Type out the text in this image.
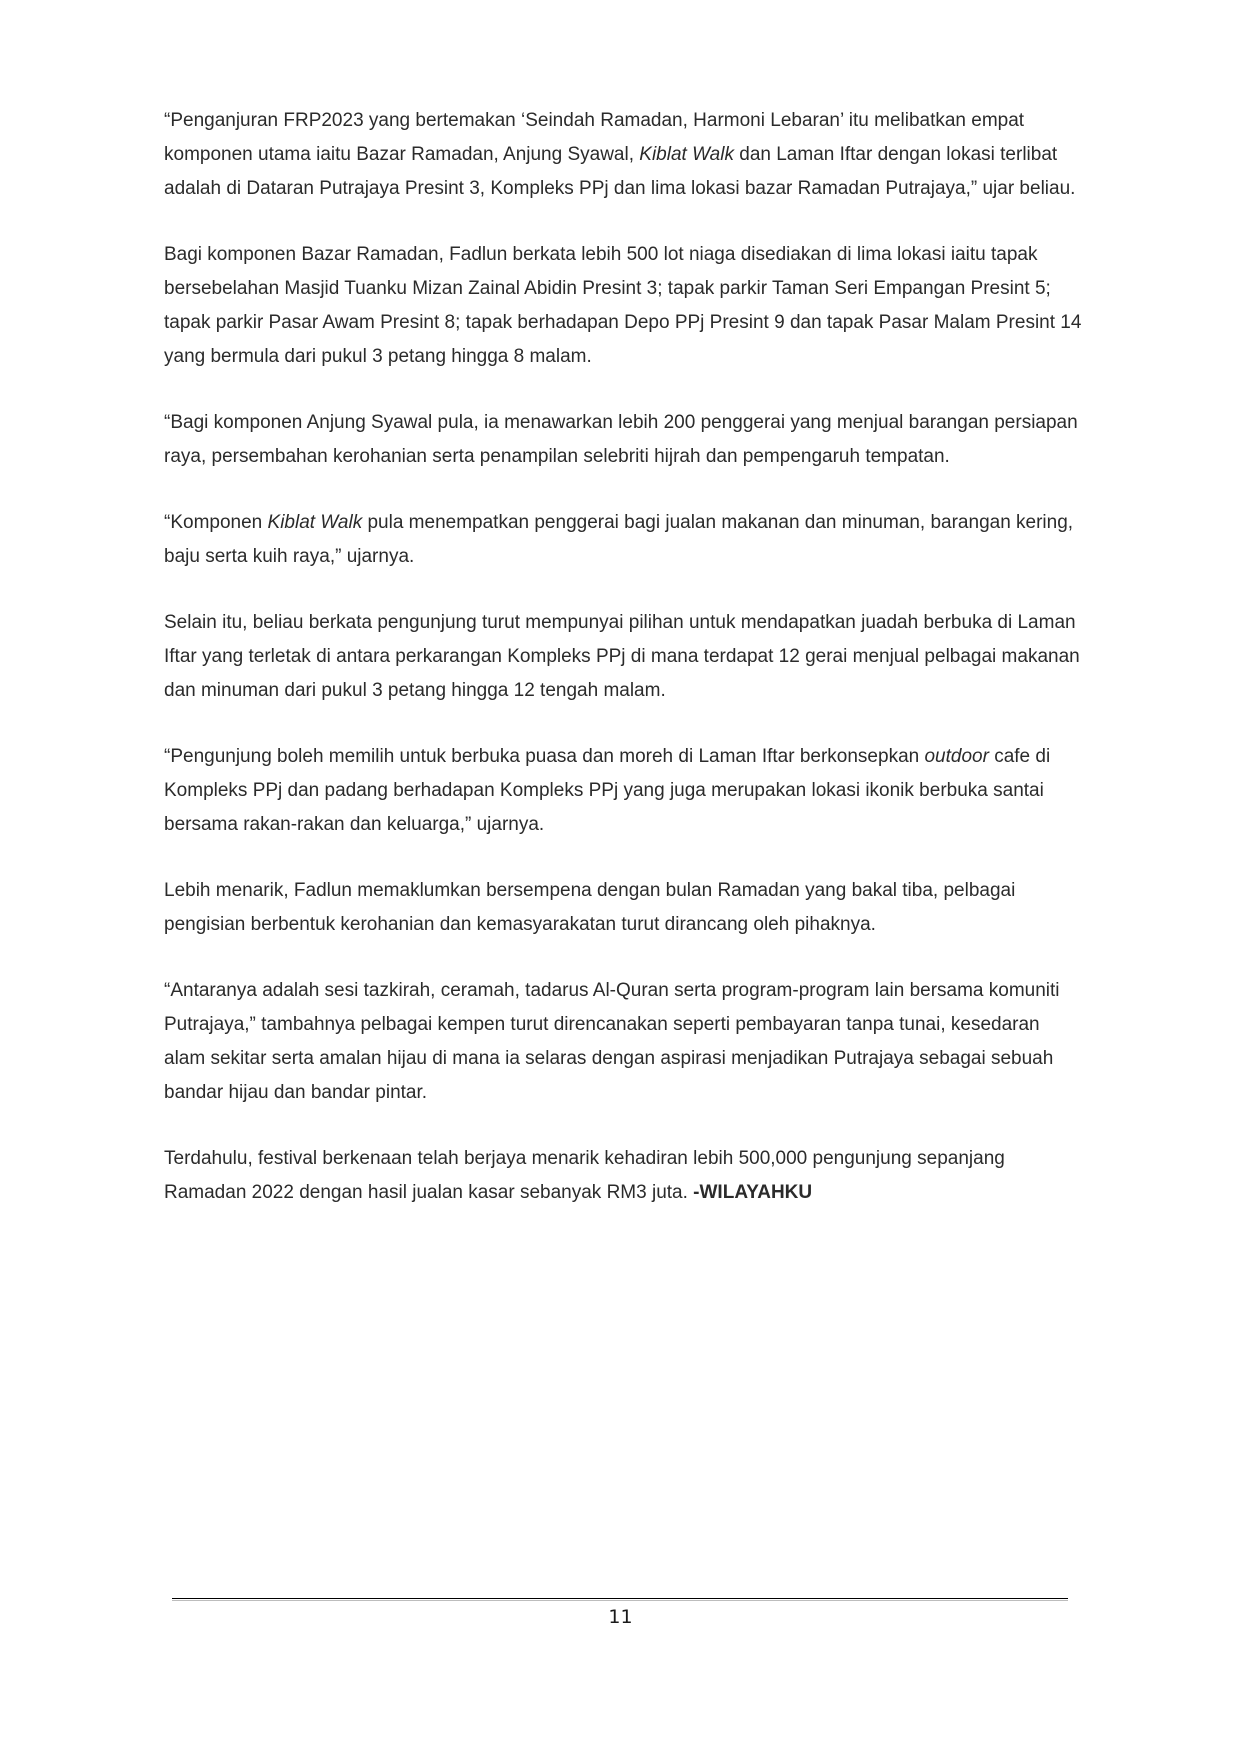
“Penganjuran FRP2023 yang bertemakan ‘Seindah Ramadan, Harmoni Lebaran’ itu melibatkan empat komponen utama iaitu Bazar Ramadan, Anjung Syawal, Kiblat Walk dan Laman Iftar dengan lokasi terlibat adalah di Dataran Putrajaya Presint 3, Kompleks PPj dan lima lokasi bazar Ramadan Putrajaya,” ujar beliau.

Bagi komponen Bazar Ramadan, Fadlun berkata lebih 500 lot niaga disediakan di lima lokasi iaitu tapak bersebelahan Masjid Tuanku Mizan Zainal Abidin Presint 3; tapak parkir Taman Seri Empangan Presint 5; tapak parkir Pasar Awam Presint 8; tapak berhadapan Depo PPj Presint 9 dan tapak Pasar Malam Presint 14 yang bermula dari pukul 3 petang hingga 8 malam.

“Bagi komponen Anjung Syawal pula, ia menawarkan lebih 200 penggerai yang menjual barangan persiapan raya, persembahan kerohanian serta penampilan selebriti hijrah dan pempengaruh tempatan.

“Komponen Kiblat Walk pula menempatkan penggerai bagi jualan makanan dan minuman, barangan kering, baju serta kuih raya,” ujarnya.

Selain itu, beliau berkata pengunjung turut mempunyai pilihan untuk mendapatkan juadah berbuka di Laman Iftar yang terletak di antara perkarangan Kompleks PPj di mana terdapat 12 gerai menjual pelbagai makanan dan minuman dari pukul 3 petang hingga 12 tengah malam.

“Pengunjung boleh memilih untuk berbuka puasa dan moreh di Laman Iftar berkonsepkan outdoor cafe di Kompleks PPj dan padang berhadapan Kompleks PPj yang juga merupakan lokasi ikonik berbuka santai bersama rakan-rakan dan keluarga,” ujarnya.

Lebih menarik, Fadlun memaklumkan bersempena dengan bulan Ramadan yang bakal tiba, pelbagai pengisian berbentuk kerohanian dan kemasyarakatan turut dirancang oleh pihaknya.

“Antaranya adalah sesi tazkirah, ceramah, tadarus Al-Quran serta program-program lain bersama komuniti Putrajaya,” tambahnya pelbagai kempen turut direncanakan seperti pembayaran tanpa tunai, kesedaran alam sekitar serta amalan hijau di mana ia selaras dengan aspirasi menjadikan Putrajaya sebagai sebuah bandar hijau dan bandar pintar.

Terdahulu, festival berkenaan telah berjaya menarik kehadiran lebih 500,000 pengunjung sepanjang Ramadan 2022 dengan hasil jualan kasar sebanyak RM3 juta. -WILAYAHKU

11
